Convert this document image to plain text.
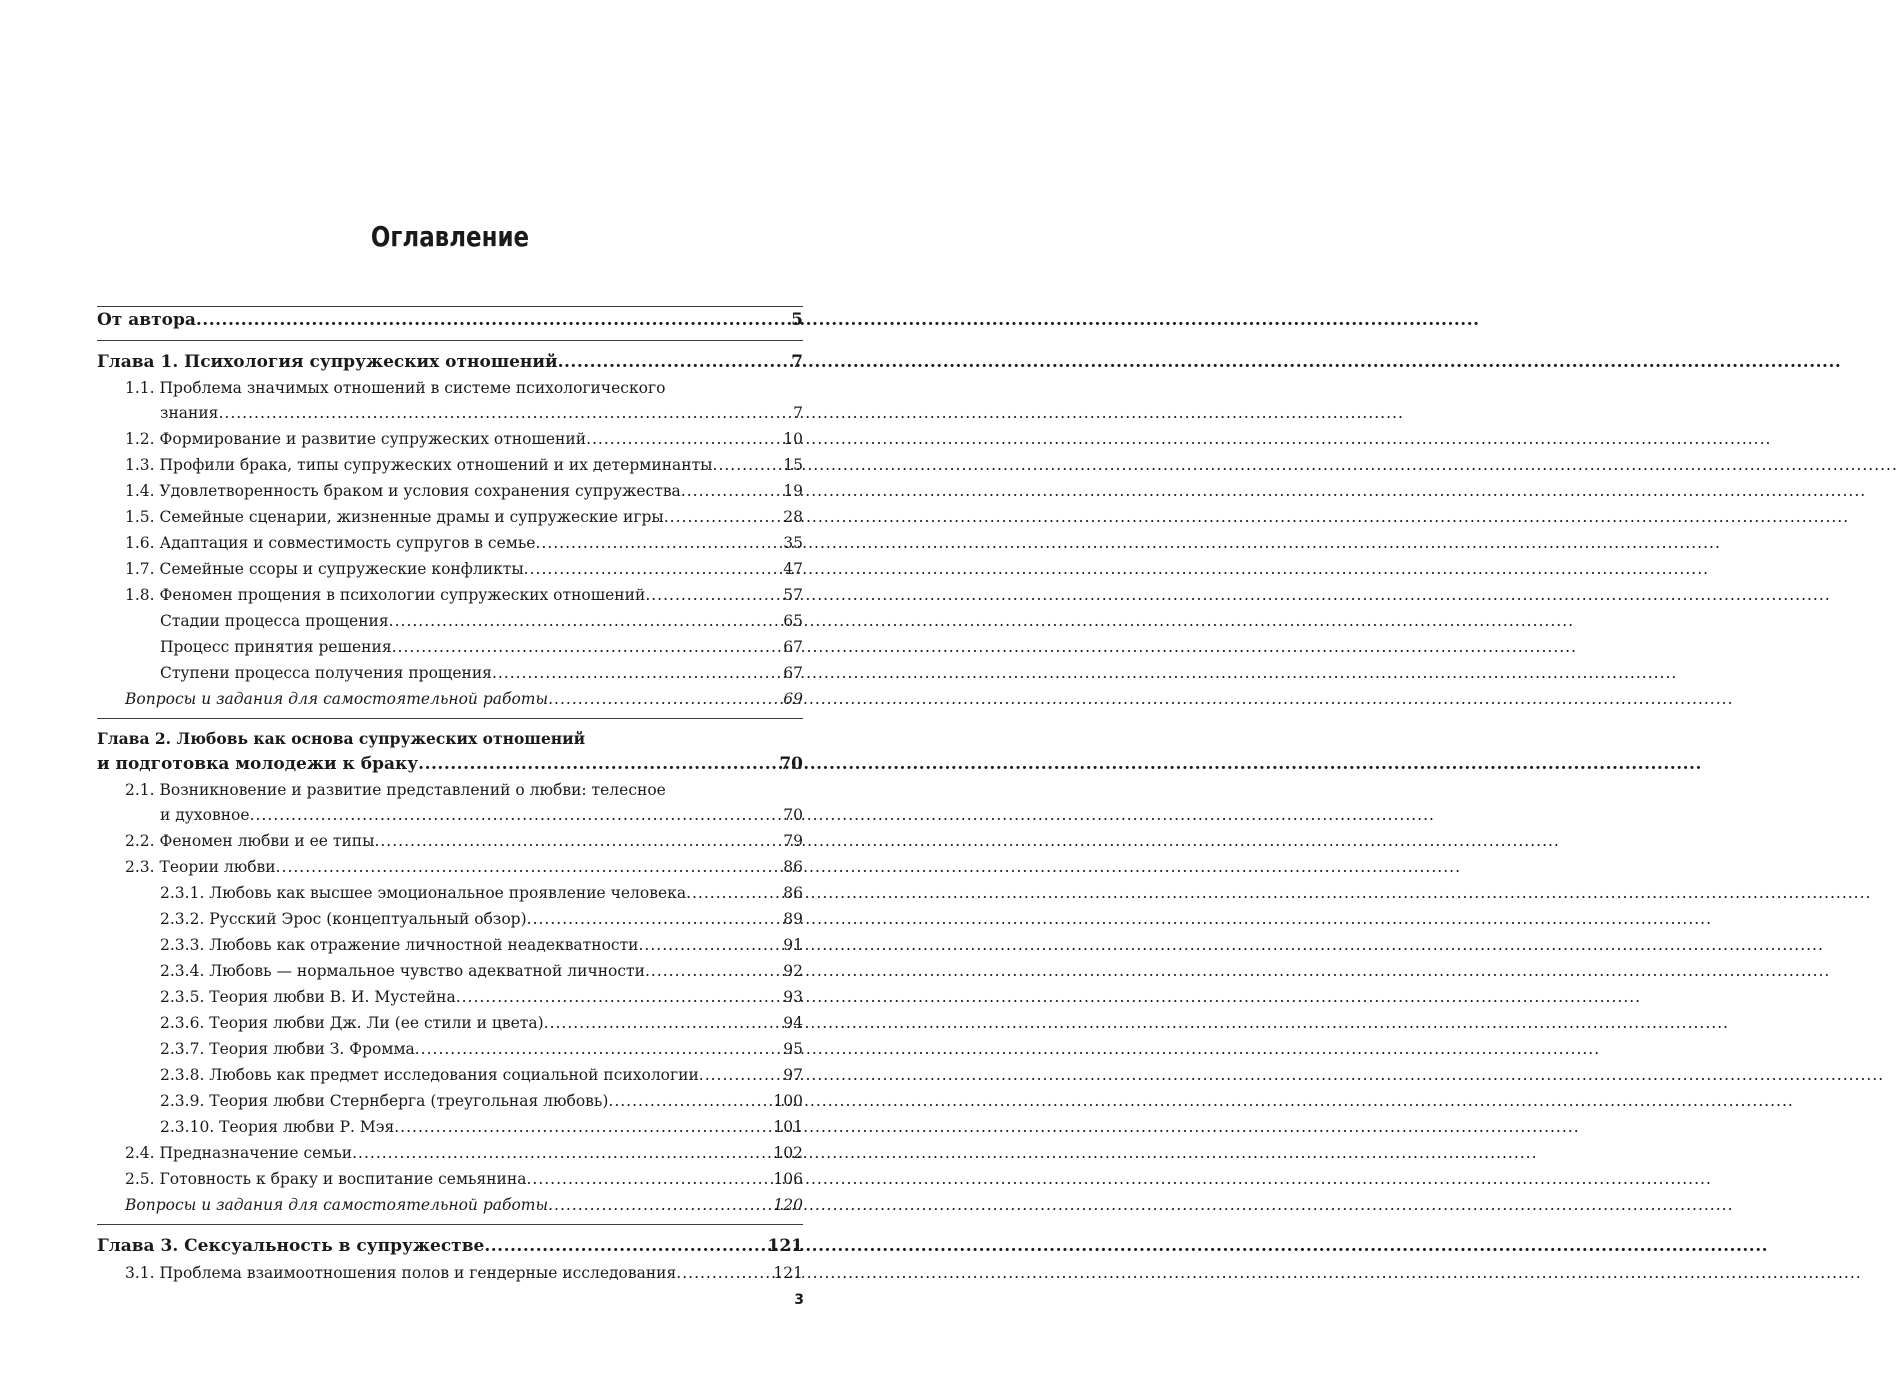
Оглавление
От автора .....	5
Глава 1. Психология супружеских отношений .....	7
1.1. Проблема значимых отношений в системе психологического
знания .....	7
1.2. Формирование и развитие супружеских отношений .....	10
1.3. Профили брака, типы супружеских отношений и их детерминанты .....	15
1.4. Удовлетворенность браком и условия сохранения супружества .....	19
1.5. Семейные сценарии, жизненные драмы и супружеские игры .....	28
1.6. Адаптация и совместимость супругов в семье .....	35
1.7. Семейные ссоры и супружеские конфликты .....	47
1.8. Феномен прощения в психологии супружеских отношений .....	57
Стадии процесса прощения .....	65
Процесс принятия решения .....	67
Ступени процесса получения прощения .....	67
Вопросы и задания для самостоятельной работы .....	69
Глава 2. Любовь как основа супружеских отношений
и подготовка молодежи к браку .....	70
2.1. Возникновение и развитие представлений о любви: телесное
и духовное .....	70
2.2. Феномен любви и ее типы .....	79
2.3. Теории любви .....	86
2.3.1. Любовь как высшее эмоциональное проявление человека .....	86
2.3.2. Русский Эрос (концептуальный обзор) .....	89
2.3.3. Любовь как отражение личностной неадекватности .....	91
2.3.4. Любовь — нормальное чувство адекватной личности .....	92
2.3.5. Теория любви В. И. Мустейна .....	93
2.3.6. Теория любви Дж. Ли (ее стили и цвета) .....	94
2.3.7. Теория любви З. Фромма .....	95
2.3.8. Любовь как предмет исследования социальной психологии .....	97
2.3.9. Теория любви Стернберга (треугольная любовь) .....	100
2.3.10. Теория любви Р. Мэя .....	101
2.4. Предназначение семьи .....	102
2.5. Готовность к браку и воспитание семьянина .....	106
Вопросы и задания для самостоятельной работы .....	120
Глава 3. Сексуальность в супружестве .....	121
3.1. Проблема взаимоотношения полов и гендерные исследования .....	121
3
